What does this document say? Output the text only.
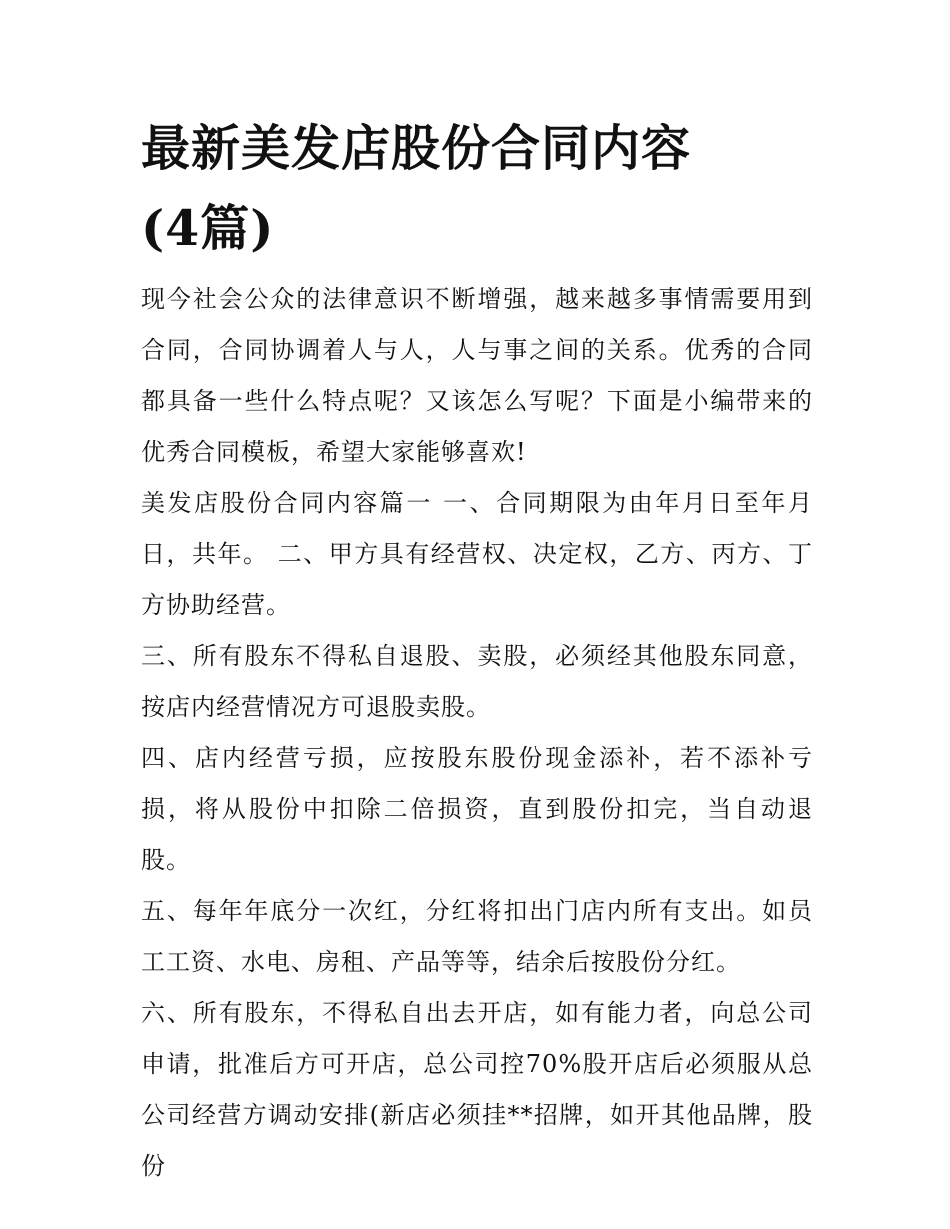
最新美发店股份合同内容(4篇)

现今社会公众的法律意识不断增强，越来越多事情需要用到合同，合同协调着人与人，人与事之间的关系。优秀的合同都具备一些什么特点呢？又该怎么写呢？下面是小编带来的优秀合同模板，希望大家能够喜欢!

美发店股份合同内容篇一 一、合同期限为由年月日至年月日，共年。 二、甲方具有经营权、决定权，乙方、丙方、丁方协助经营。

三、所有股东不得私自退股、卖股，必须经其他股东同意，按店内经营情况方可退股卖股。

四、店内经营亏损，应按股东股份现金添补，若不添补亏损，将从股份中扣除二倍损资，直到股份扣完，当自动退股。

五、每年年底分一次红，分红将扣出门店内所有支出。如员工工资、水电、房租、产品等等，结余后按股份分红。

六、所有股东，不得私自出去开店，如有能力者，向总公司申请，批准后方可开店，总公司控70%股开店后必须服从总公司经营方调动安排(新店必须挂**招牌，如开其他品牌，股份
